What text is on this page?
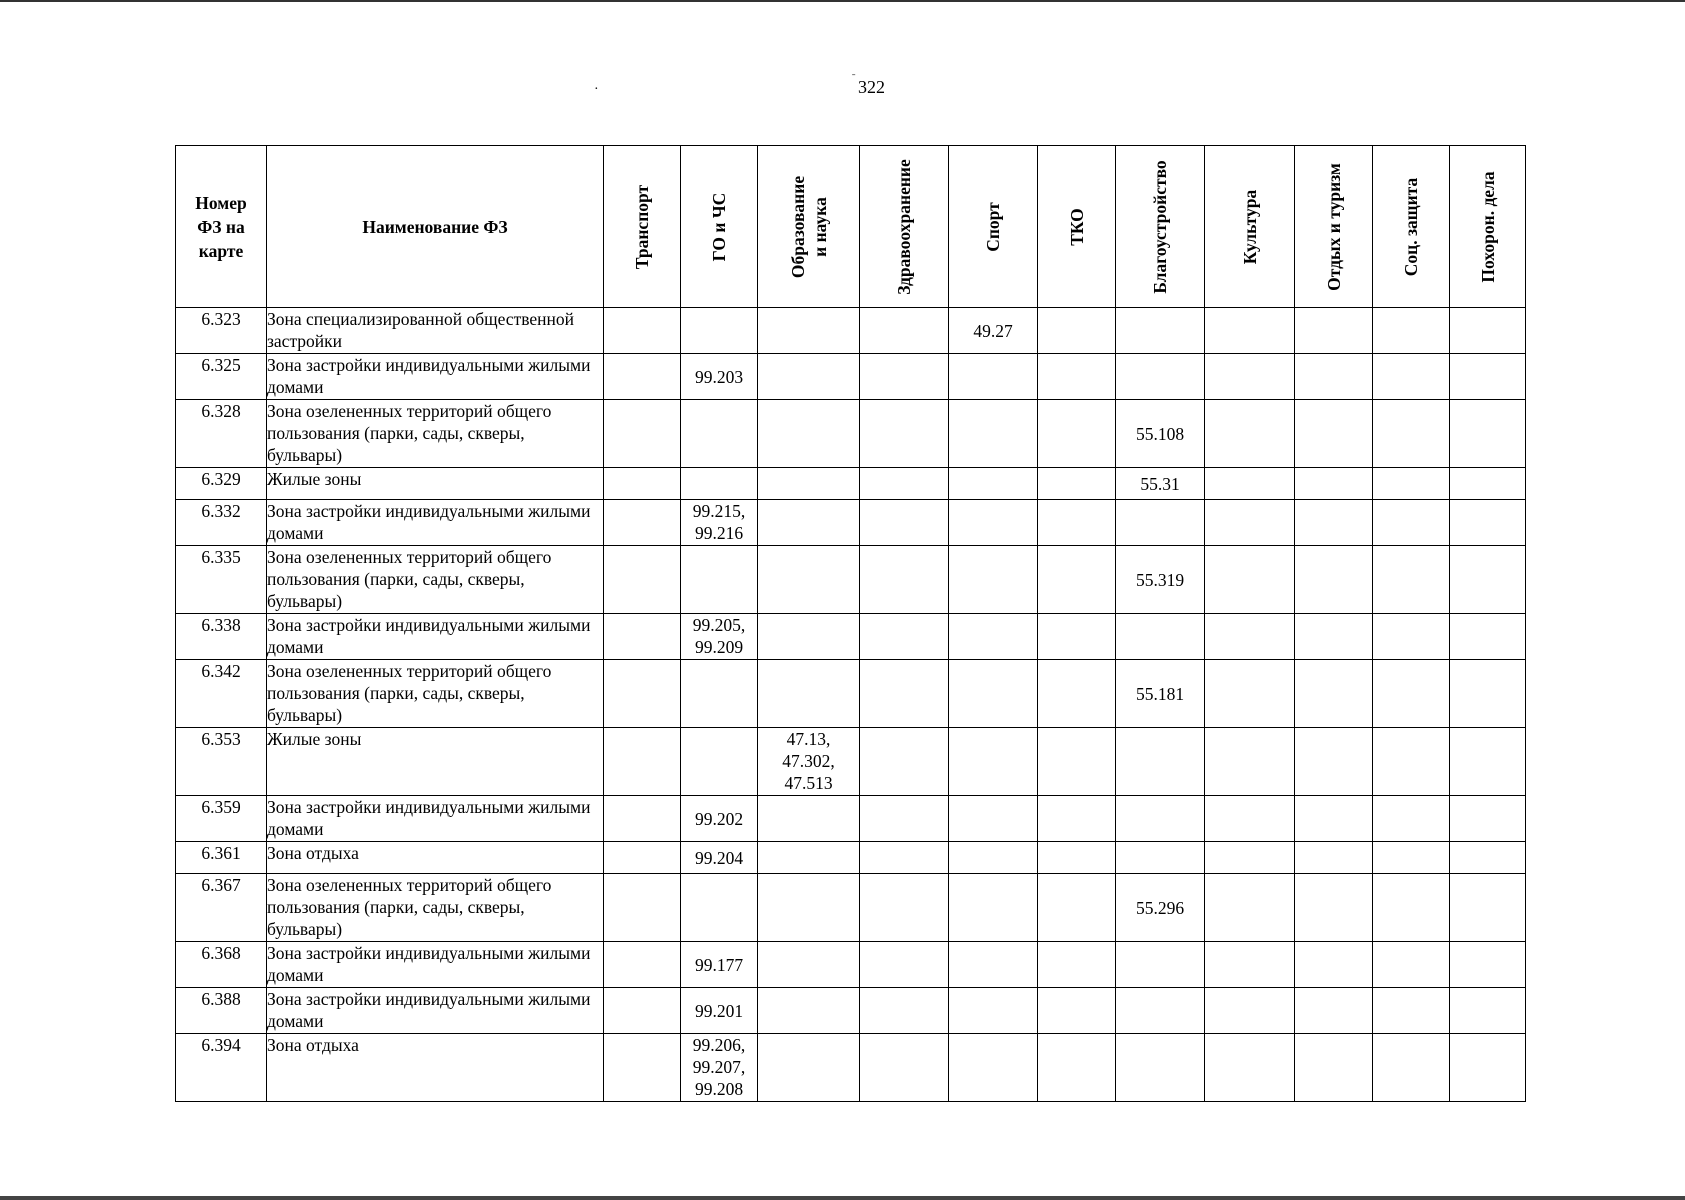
·
ˉ 322
Номер ФЗ на карте	Наименование ФЗ	Транспорт	ГО и ЧС	Образование и наука	Здравоохранение	Спорт	ТКО	Благоустройство	Культура	Отдых и туризм	Соц. защита	Похорон. дела

6.323	Зона специализированной общественной застройки					49.27						
6.325	Зона застройки индивидуальными жилыми домами		99.203									
6.328	Зона озелененных территорий общего пользования (парки, сады, скверы, бульвары)							55.108				
6.329	Жилые зоны							55.31				
6.332	Зона застройки индивидуальными жилыми домами		99.215,
99.216									
6.335	Зона озелененных территорий общего пользования (парки, сады, скверы, бульвары)							55.319				
6.338	Зона застройки индивидуальными жилыми домами		99.205,
99.209									
6.342	Зона озелененных территорий общего пользования (парки, сады, скверы, бульвары)							55.181				
6.353	Жилые зоны			47.13,
47.302,
47.513								
6.359	Зона застройки индивидуальными жилыми домами		99.202									
6.361	Зона отдыха		99.204									
6.367	Зона озелененных территорий общего пользования (парки, сады, скверы, бульвары)							55.296				
6.368	Зона застройки индивидуальными жилыми домами		99.177									
6.388	Зона застройки индивидуальными жилыми домами		99.201									
6.394	Зона отдыха		99.206,
99.207,
99.208									
